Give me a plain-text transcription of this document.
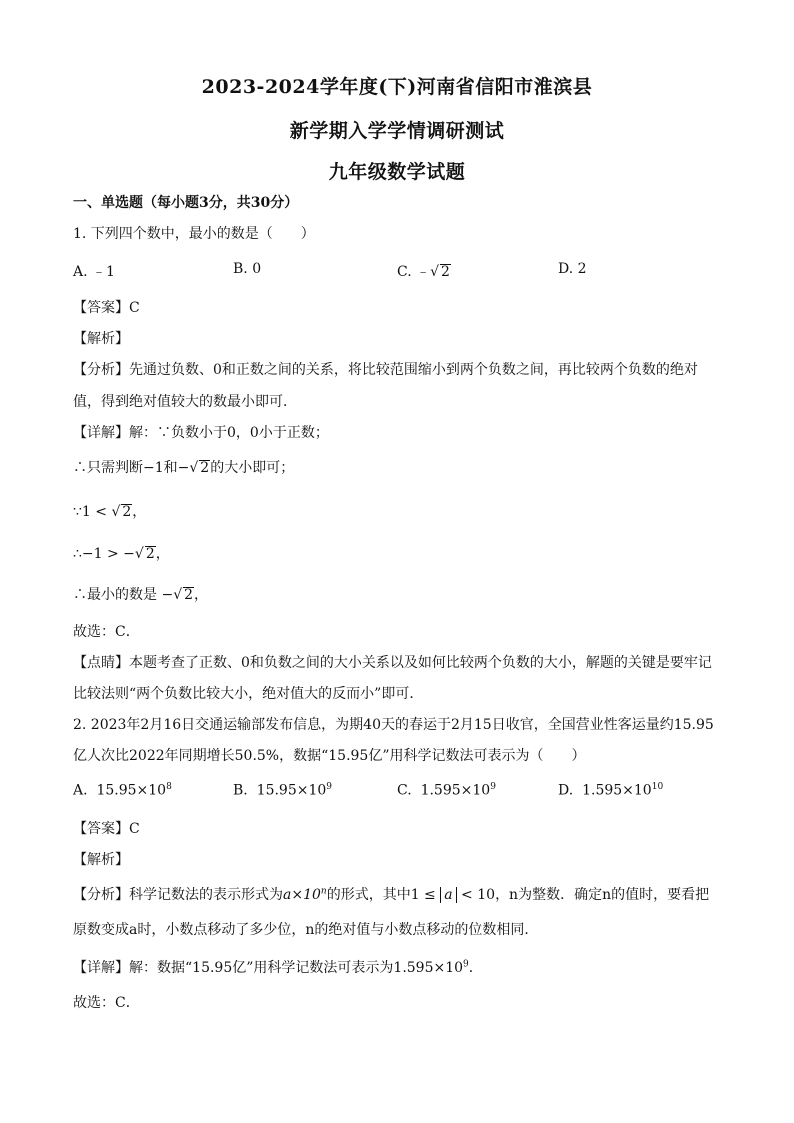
2023-2024学年度(下)河南省信阳市淮滨县
新学期入学学情调研测试
九年级数学试题
一、单选题（每小题3分，共30分）
1. 下列四个数中，最小的数是（　　）
A. ﹣1	B. 0	C. ﹣√ 2	D. 2
【答案】C
【解析】
【分析】先通过负数、0和正数之间的关系，将比较范围缩小到两个负数之间，再比较两个负数的绝对
值，得到绝对值较大的数最小即可．
【详解】解：∵负数小于0，0小于正数；
∴只需判断−1和−√ 2的大小即可；
∵1 < √ 2，
∴−1 > −√ 2，
∴最小的数是 −√ 2，
故选：C．
【点睛】本题考查了正数、0和负数之间的大小关系以及如何比较两个负数的大小，解题的关键是要牢记
比较法则“两个负数比较大小，绝对值大的反而小”即可．
2. 2023年2月16日交通运输部发布信息，为期40天的春运于2月15日收官，全国营业性客运量约15.95
亿人次比2022年同期增长50.5%，数据“15.95亿”用科学记数法可表示为（　　）
A. $15.95\times 10^8$	B. $15.95\times 10^9$	C. $1.595\times 10^9$	D. $1.595\times 10^{10}$
【答案】C
【解析】
【分析】科学记数法的表示形式为$a\times 10^n$的形式，其中1 ≤ a < 10，n为整数．确定n的值时，要看把
原数变成a时，小数点移动了多少位，n的绝对值与小数点移动的位数相同．
【详解】解：数据“15.95亿”用科学记数法可表示为$1.595\times 10^9$．
故选：C．
